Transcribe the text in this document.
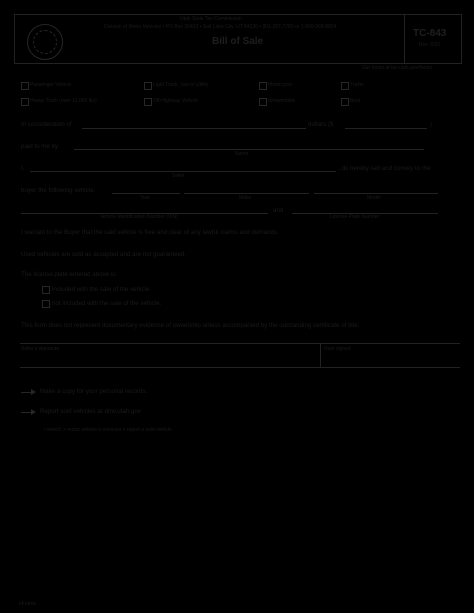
Utah State Tax Commission
Division of Motor Vehicles • PO Box 30412 • Salt Lake City, UT 84130 • 801-297-7780 or 1-800-368-8824
Bill of Sale
TC-843
Rev. 8/20
Get forms at tax.utah.gov/forms
Passenger Vehicle	Light Truck, Van or Utility	Motorcycle	Trailer
Heavy Truck (over 12,000 lbs)	Off-Highway Vehicle	Snowmobile	Boat
In consideration of	dollars ($	)
paid to me by
Name
I,
Seller
, do hereby sell and convey to the
buyer the following vehicle:
Year	Make	Model
Vehicle Identification Number (VIN)
and
License Plate Number
I warrant to the Buyer that the said vehicle is free and clear of any lawful claims and demands.
Used vehicles are sold as accepted and are not guaranteed.
The license plate entered above is:
included with the sale of the vehicle.
not included with the sale of the vehicle.
This form does not represent documentary evidence of ownership unless accompanied by the outstanding certificate of title.
Seller's signature	Date signed
Make a copy for your personal records.
Report sold vehicles at dmv.utah.gov
• select: > motor vehicle e-services > report a sold vehicle
eForms
